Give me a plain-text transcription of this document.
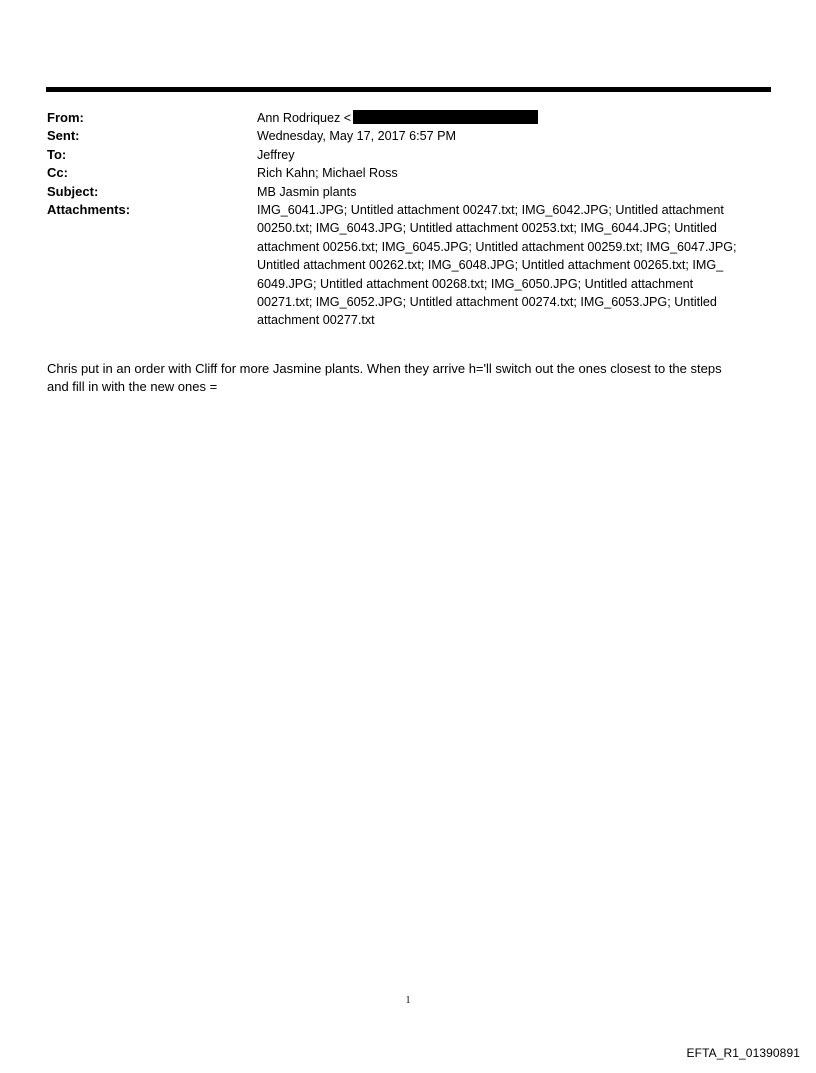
From:	Ann Rodriquez <
Sent:	Wednesday, May 17, 2017 6:57 PM
To:	Jeffrey
Cc:	Rich Kahn; Michael Ross
Subject:	MB Jasmin plants
Attachments:	IMG_6041.JPG; Untitled attachment 00247.txt; IMG_6042.JPG; Untitled attachment
00250.txt; IMG_6043.JPG; Untitled attachment 00253.txt; IMG_6044.JPG; Untitled
attachment 00256.txt; IMG_6045.JPG; Untitled attachment 00259.txt; IMG_6047.JPG;
Untitled attachment 00262.txt; IMG_6048.JPG; Untitled attachment 00265.txt; IMG_
6049.JPG; Untitled attachment 00268.txt; IMG_6050.JPG; Untitled attachment
00271.txt; IMG_6052.JPG; Untitled attachment 00274.txt; IMG_6053.JPG; Untitled
attachment 00277.txt
Chris put in an order with Cliff for more Jasmine plants. When they arrive h='ll switch out the ones closest to the steps
and fill in with the new ones =
1
EFTA_R1_01390891
